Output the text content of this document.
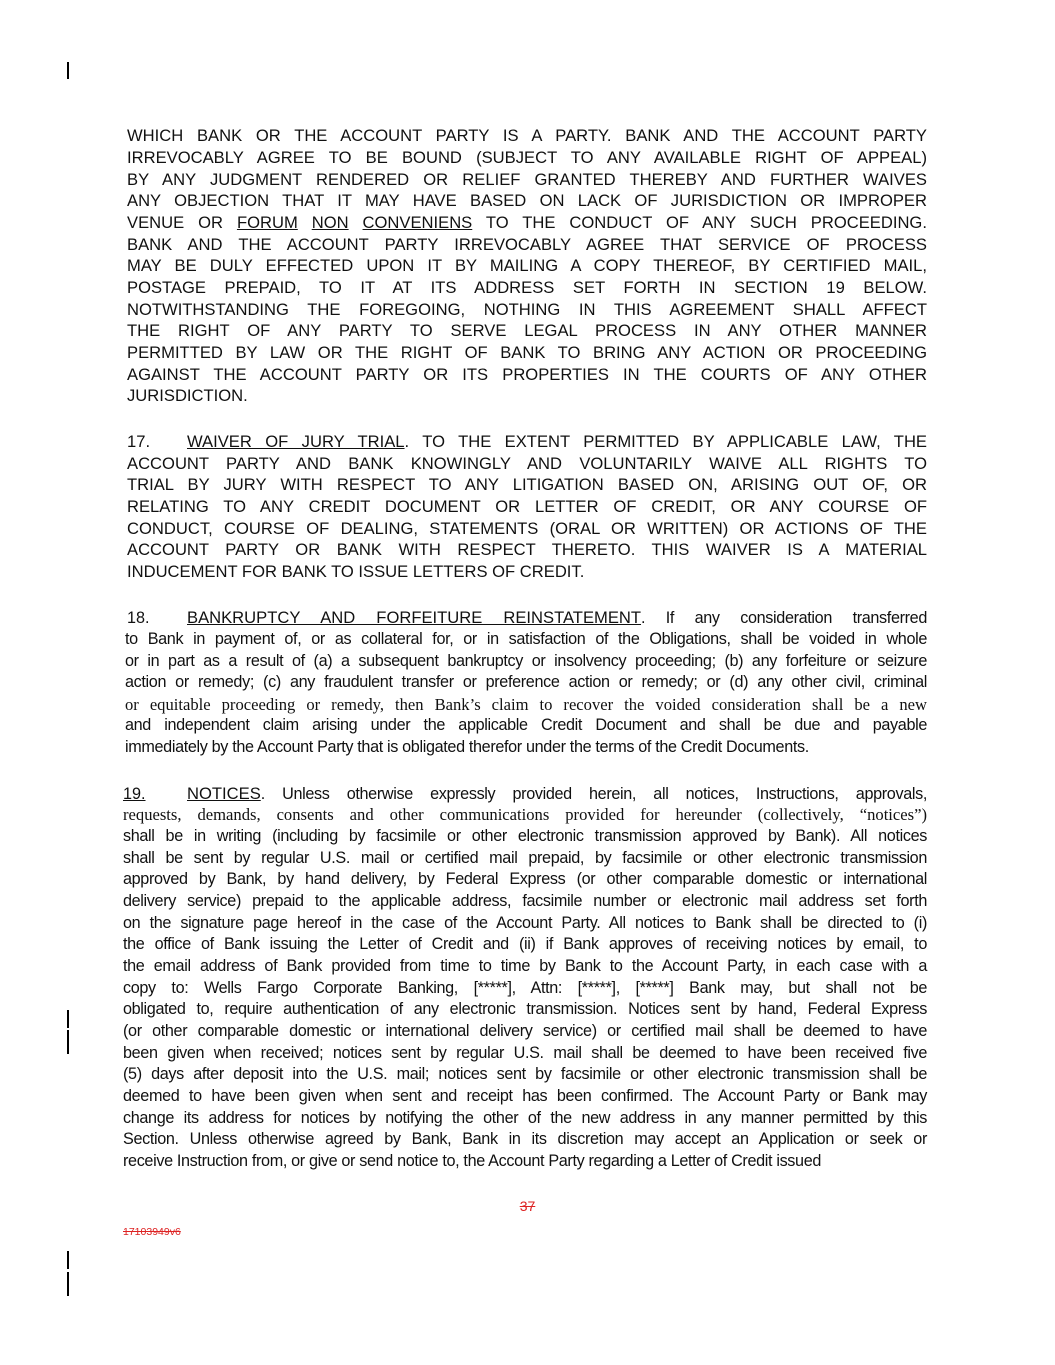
WHICH BANK OR THE ACCOUNT PARTY IS A PARTY. BANK AND THE ACCOUNT PARTY
IRREVOCABLY AGREE TO BE BOUND (SUBJECT TO ANY AVAILABLE RIGHT OF APPEAL)
BY ANY JUDGMENT RENDERED OR RELIEF GRANTED THEREBY AND FURTHER WAIVES
ANY OBJECTION THAT IT MAY HAVE BASED ON LACK OF JURISDICTION OR IMPROPER
VENUE OR FORUM NON CONVENIENS TO THE CONDUCT OF ANY SUCH PROCEEDING.
BANK AND THE ACCOUNT PARTY IRREVOCABLY AGREE THAT SERVICE OF PROCESS
MAY BE DULY EFFECTED UPON IT BY MAILING A COPY THEREOF, BY CERTIFIED MAIL,
POSTAGE PREPAID, TO IT AT ITS ADDRESS SET FORTH IN SECTION 19 BELOW.
NOTWITHSTANDING THE FOREGOING, NOTHING IN THIS AGREEMENT SHALL AFFECT
THE RIGHT OF ANY PARTY TO SERVE LEGAL PROCESS IN ANY OTHER MANNER
PERMITTED BY LAW OR THE RIGHT OF BANK TO BRING ANY ACTION OR PROCEEDING
AGAINST THE ACCOUNT PARTY OR ITS PROPERTIES IN THE COURTS OF ANY OTHER
JURISDICTION.
17. WAIVER OF JURY TRIAL. TO THE EXTENT PERMITTED BY APPLICABLE LAW, THE
ACCOUNT PARTY AND BANK KNOWINGLY AND VOLUNTARILY WAIVE ALL RIGHTS TO
TRIAL BY JURY WITH RESPECT TO ANY LITIGATION BASED ON, ARISING OUT OF, OR
RELATING TO ANY CREDIT DOCUMENT OR LETTER OF CREDIT, OR ANY COURSE OF
CONDUCT, COURSE OF DEALING, STATEMENTS (ORAL OR WRITTEN) OR ACTIONS OF THE
ACCOUNT PARTY OR BANK WITH RESPECT THERETO. THIS WAIVER IS A MATERIAL
INDUCEMENT FOR BANK TO ISSUE LETTERS OF CREDIT.
18. BANKRUPTCY AND FORFEITURE REINSTATEMENT. If any consideration transferred
to Bank in payment of, or as collateral for, or in satisfaction of the Obligations, shall be voided in whole
or in part as a result of (a) a subsequent bankruptcy or insolvency proceeding; (b) any forfeiture or seizure
action or remedy; (c) any fraudulent transfer or preference action or remedy; or (d) any other civil, criminal
or equitable proceeding or remedy, then Bank’s claim to recover the voided consideration shall be a new
and independent claim arising under the applicable Credit Document and shall be due and payable
immediately by the Account Party that is obligated therefor under the terms of the Credit Documents.
19. NOTICES. Unless otherwise expressly provided herein, all notices, Instructions, approvals,
requests, demands, consents and other communications provided for hereunder (collectively, “notices”)
shall be in writing (including by facsimile or other electronic transmission approved by Bank). All notices
shall be sent by regular U.S. mail or certified mail prepaid, by facsimile or other electronic transmission
approved by Bank, by hand delivery, by Federal Express (or other comparable domestic or international
delivery service) prepaid to the applicable address, facsimile number or electronic mail address set forth
on the signature page hereof in the case of the Account Party. All notices to Bank shall be directed to (i)
the office of Bank issuing the Letter of Credit and (ii) if Bank approves of receiving notices by email, to
the email address of Bank provided from time to time by Bank to the Account Party, in each case with a
copy to: Wells Fargo Corporate Banking, [*****], Attn: [*****], [*****] Bank may, but shall not be
obligated to, require authentication of any electronic transmission. Notices sent by hand, Federal Express
(or other comparable domestic or international delivery service) or certified mail shall be deemed to have
been given when received; notices sent by regular U.S. mail shall be deemed to have been received five
(5) days after deposit into the U.S. mail; notices sent by facsimile or other electronic transmission shall be
deemed to have been given when sent and receipt has been confirmed. The Account Party or Bank may
change its address for notices by notifying the other of the new address in any manner permitted by this
Section. Unless otherwise agreed by Bank, Bank in its discretion may accept an Application or seek or
receive Instruction from, or give or send notice to, the Account Party regarding a Letter of Credit issued
37
17103949v6
